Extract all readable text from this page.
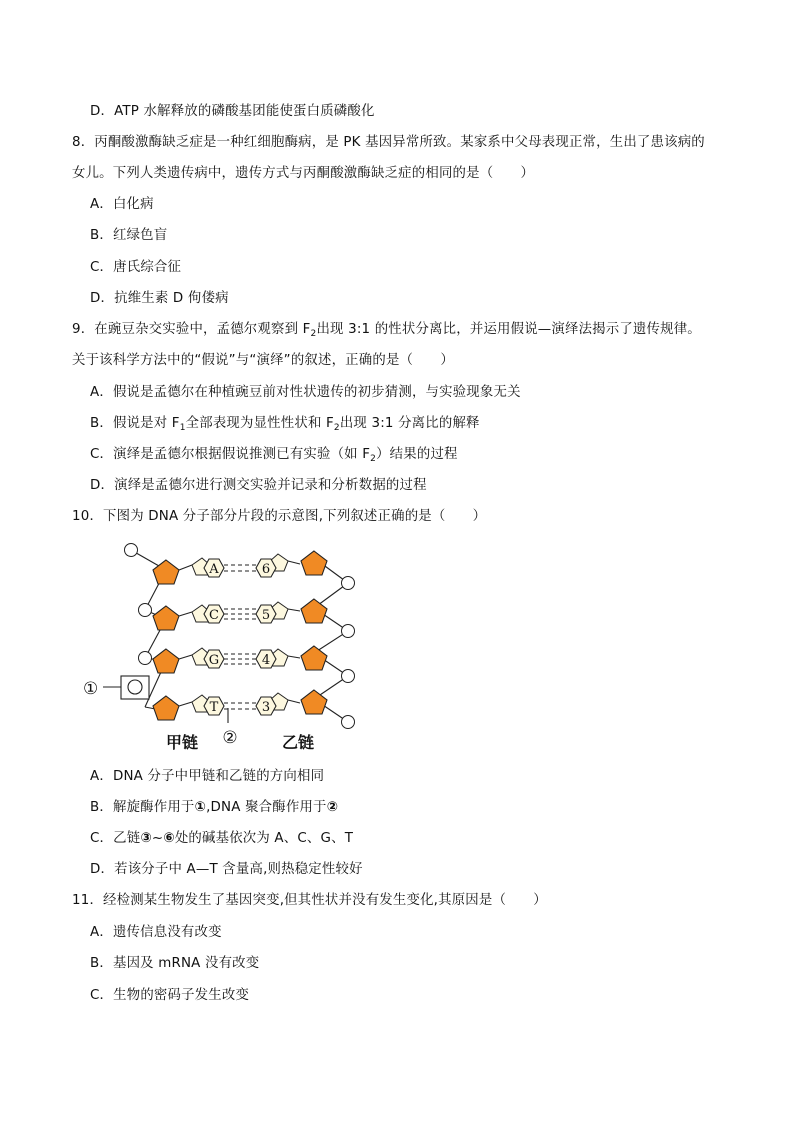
D．ATP 水解释放的磷酸基团能使蛋白质磷酸化
8．丙酮酸激酶缺乏症是一种红细胞酶病，是 PK 基因异常所致。某家系中父母表现正常，生出了患该病的
女儿。下列人类遗传病中，遗传方式与丙酮酸激酶缺乏症的相同的是（　　）
A．白化病
B．红绿色盲
C．唐氏综合征
D．抗维生素 D 佝偻病
9．在豌豆杂交实验中，孟德尔观察到 $F_2$出现 3:1 的性状分离比，并运用假说—演绎法揭示了遗传规律。
关于该科学方法中的“假说”与“演绎”的叙述，正确的是（　　）
A．假说是孟德尔在种植豌豆前对性状遗传的初步猜测，与实验现象无关
B．假说是对 $F_1$全部表现为显性性状和 $F_2$出现 3:1 分离比的解释
C．演绎是孟德尔根据假说推测已有实验（如 $F_2$）结果的过程
D．演绎是孟德尔进行测交实验并记录和分析数据的过程
10．下图为 DNA 分子部分片段的示意图,下列叙述正确的是（　　）
A
C
G
T
6
5
4
3
①
②
甲链	乙链
A．DNA 分子中甲链和乙链的方向相同
B．解旋酶作用于①,DNA 聚合酶作用于②
C．乙链③~⑥处的碱基依次为 A、C、G、T
D．若该分子中 A—T 含量高,则热稳定性较好
11．经检测某生物发生了基因突变,但其性状并没有发生变化,其原因是（　　）
A．遗传信息没有改变
B．基因及 mRNA 没有改变
C．生物的密码子发生改变
